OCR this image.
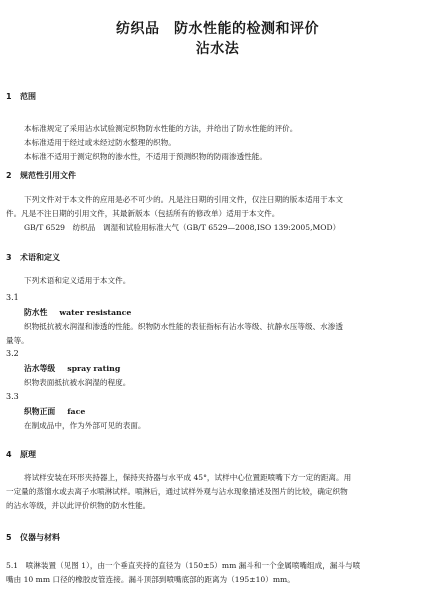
纺织品　防水性能的检测和评价
沾水法
1 范围
本标准规定了采用沾水试验测定织物防水性能的方法，并给出了防水性能的评价。
本标准适用于经过或未经过防水整理的织物。
本标准不适用于测定织物的渗水性，不适用于预测织物的防雨渗透性能。
2 规范性引用文件
下列文件对于本文件的应用是必不可少的。凡是注日期的引用文件，仅注日期的版本适用于本文
件。凡是不注日期的引用文件，其最新版本（包括所有的修改单）适用于本文件。
GB/T 6529　纺织品　调湿和试验用标准大气（GB/T 6529—2008,ISO 139:2005,MOD）
3 术语和定义
下列术语和定义适用于本文件。
3.1
防水性 water resistance
织物抵抗被水润湿和渗透的性能。织物防水性能的表征指标有沾水等级、抗静水压等级、水渗透
量等。
3.2
沾水等级 spray rating
织物表面抵抗被水润湿的程度。
3.3
织物正面 face
在制成品中，作为外部可见的表面。
4 原理
将试样安装在环形夹持器上，保持夹持器与水平成 45°，试样中心位置距喷嘴下方一定的距离。用
一定量的蒸馏水或去离子水喷淋试样。喷淋后，通过试样外观与沾水现象描述及图片的比较，确定织物
的沾水等级，并以此评价织物的防水性能。
5 仪器与材料
5.1　喷淋装置（见图 1），由一个垂直夹持的直径为（150±5）mm 漏斗和一个金属喷嘴组成，漏斗与喷
嘴由 10 mm 口径的橡胶皮管连接。漏斗顶部到喷嘴底部的距离为（195±10）mm。
